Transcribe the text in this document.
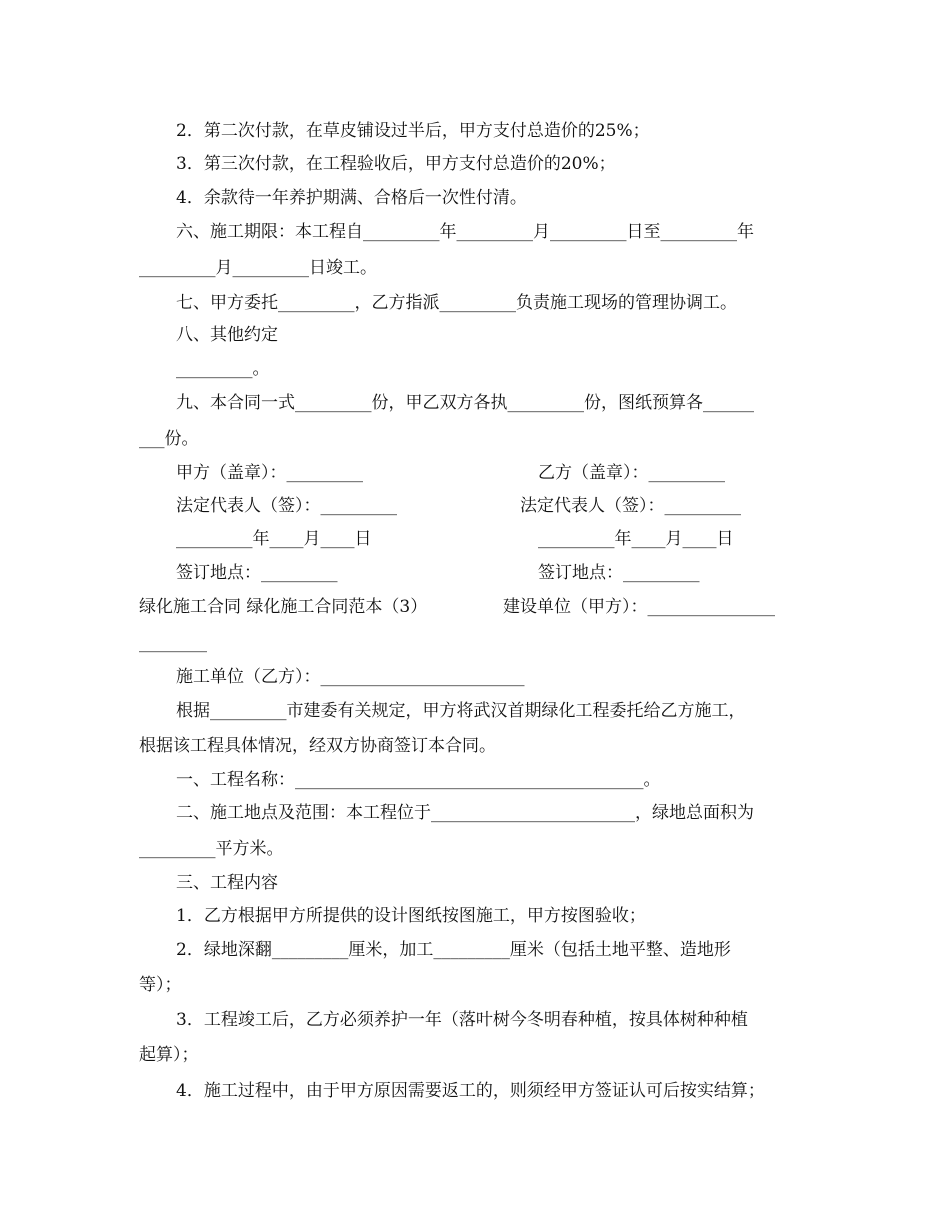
2．第二次付款，在草皮铺设过半后，甲方支付总造价的25%；
3．第三次付款，在工程验收后，甲方支付总造价的20%；
4．余款待一年养护期满、合格后一次性付清。
六、施工期限：本工程自_________年_________月_________日至_________年
_________月_________日竣工。
七、甲方委托_________，乙方指派_________负责施工现场的管理协调工。
八、其他约定
_________。
九、本合同一式_________份，甲乙双方各执_________份，图纸预算各______
___份。
甲方（盖章）：_________	乙方（盖章）：_________
法定代表人（签）：_________	法定代表人（签）：_________
_________年____月____日	_________年____月____日
签订地点：_________	签订地点：_________
绿化施工合同 绿化施工合同范本（3）	建设单位（甲方）：_______________
________
施工单位（乙方）：________________________
根据_________市建委有关规定，甲方将武汉首期绿化工程委托给乙方施工，
根据该工程具体情况，经双方协商签订本合同。
一、工程名称：_________________________________________。
二、施工地点及范围：本工程位于________________________，绿地总面积为
_________平方米。
三、工程内容
1．乙方根据甲方所提供的设计图纸按图施工，甲方按图验收；
2．绿地深翻_________厘米，加工_________厘米（包括土地平整、造地形
等）；
3．工程竣工后，乙方必须养护一年（落叶树今冬明春种植，按具体树种种植
起算）；
4．施工过程中，由于甲方原因需要返工的，则须经甲方签证认可后按实结算；
